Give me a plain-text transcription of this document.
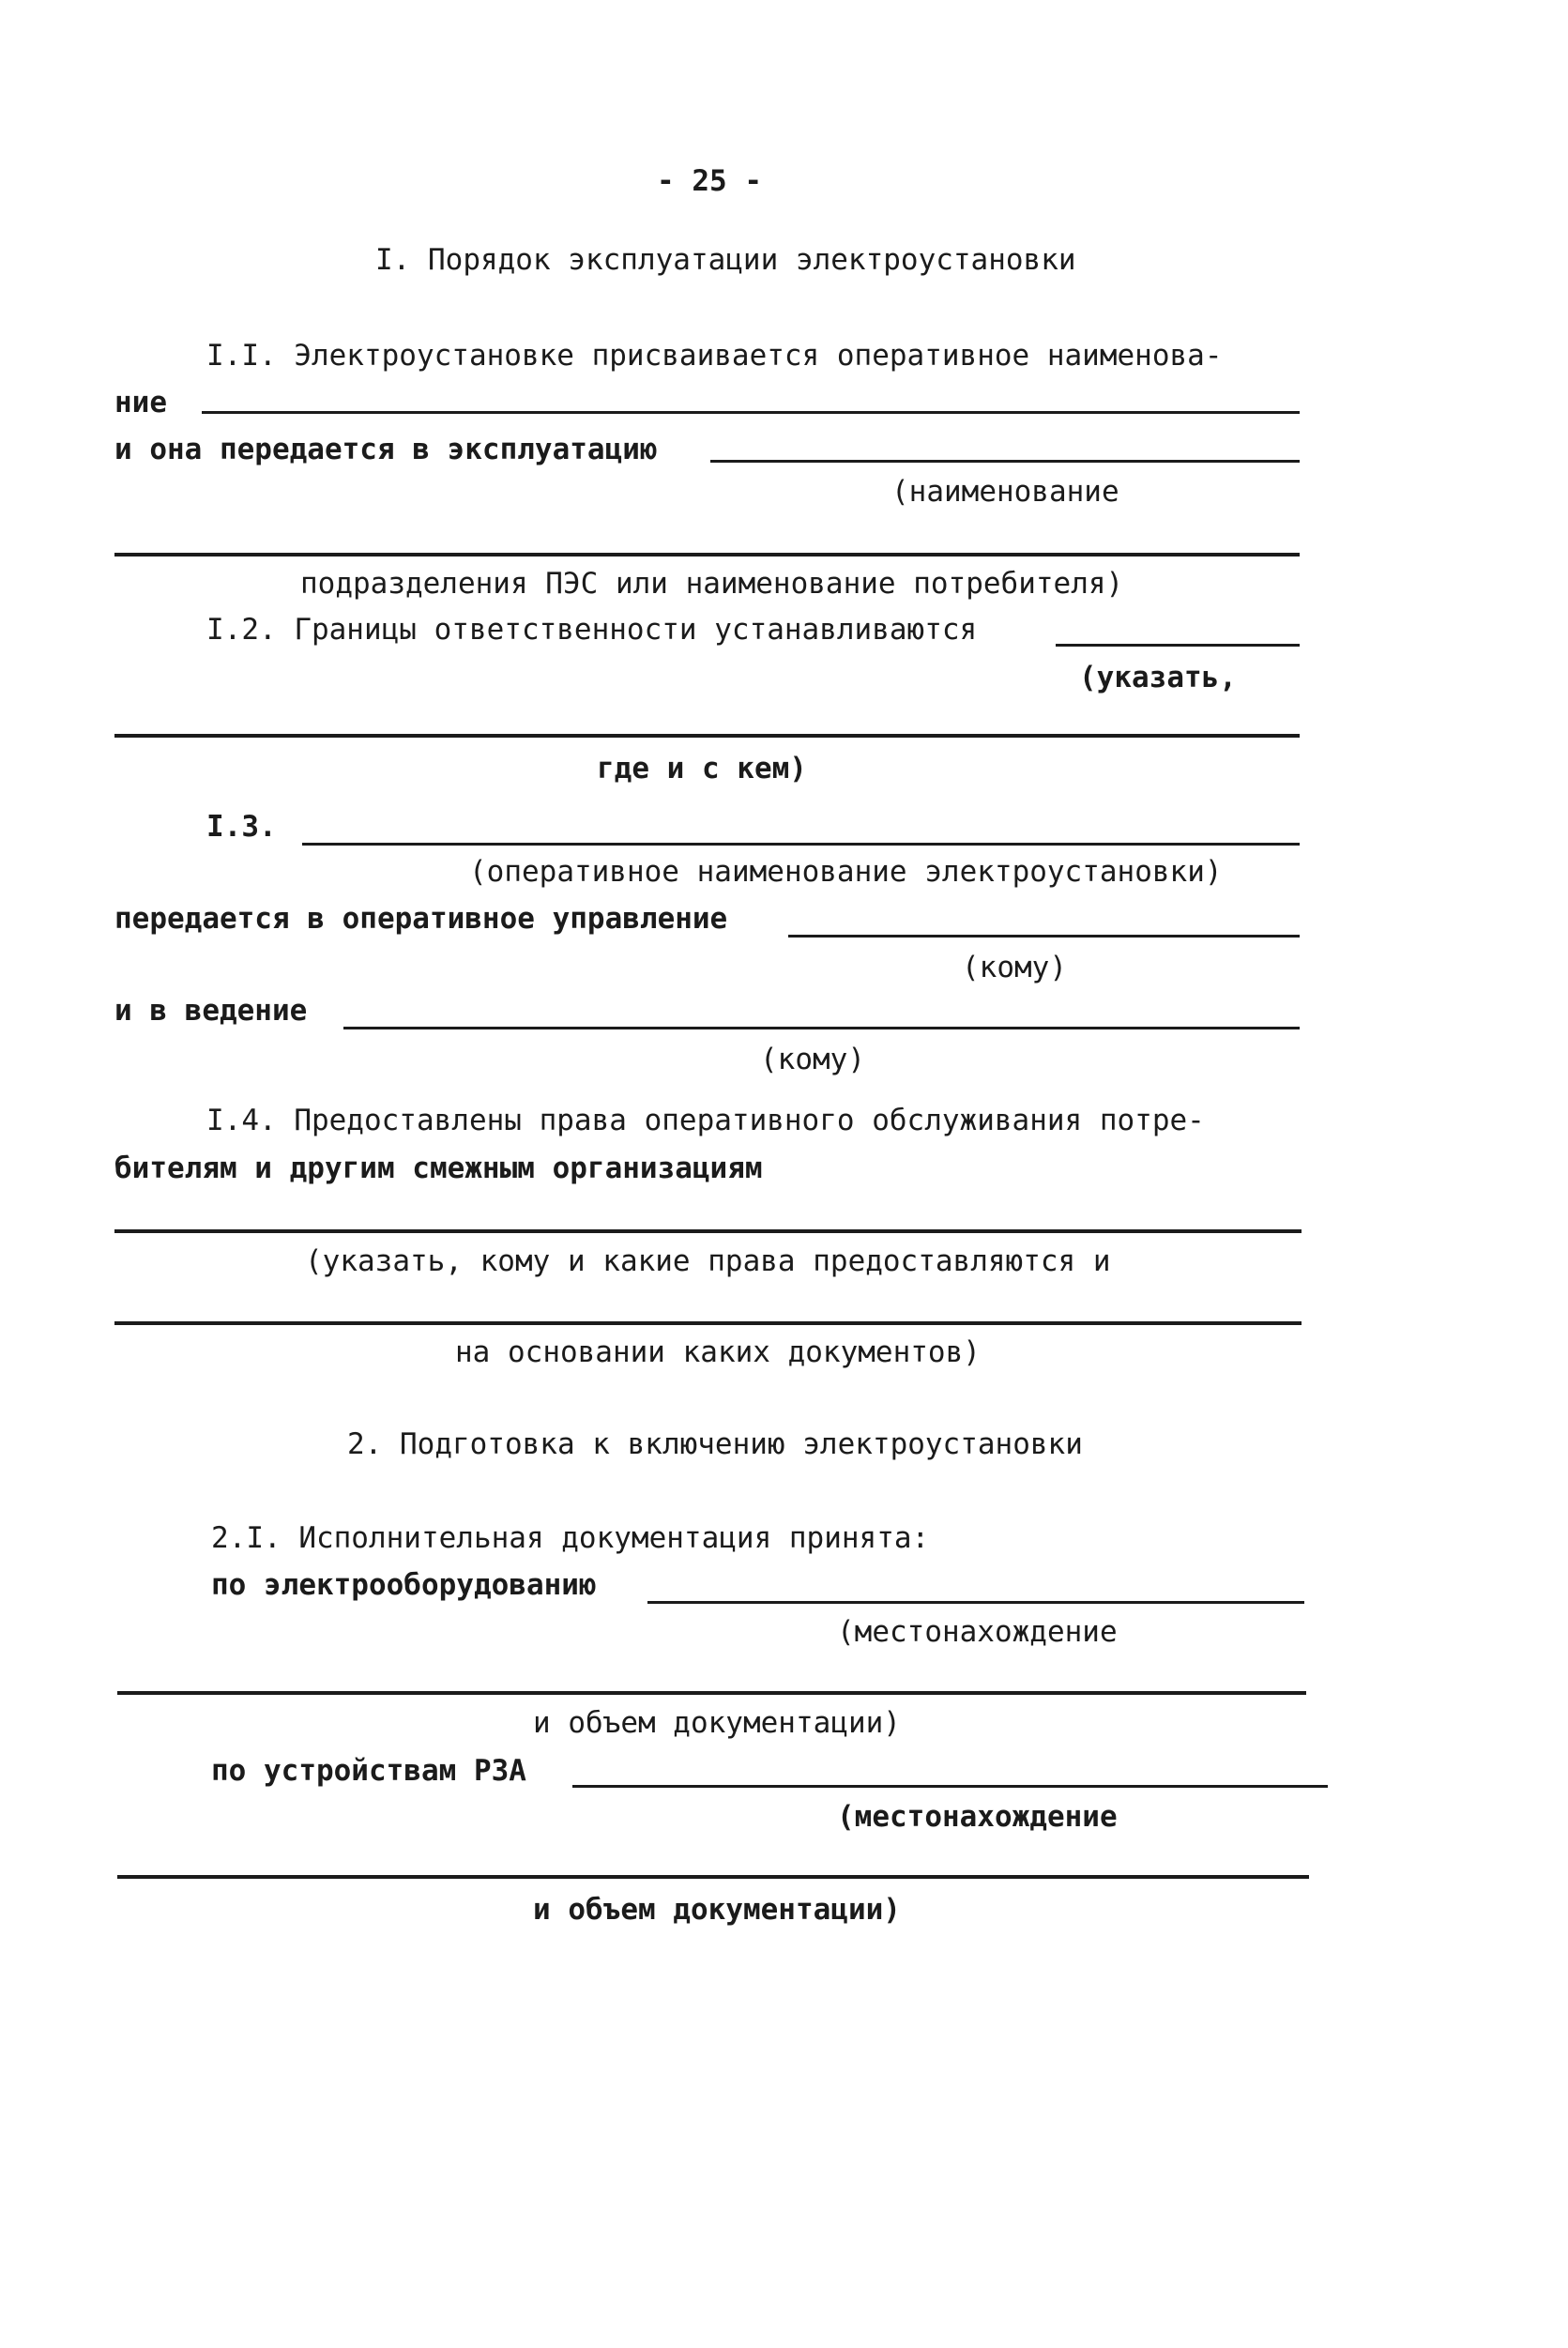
- 25 -
I. Порядок эксплуатации электроустановки
I.I. Электроустановке присваивается оперативное наименова-
ние
и она передается в эксплуатацию
(наименование
подразделения ПЭС или наименование потребителя)
I.2. Границы ответственности устанавливаются
(указать,
где и с кем)
I.3.
(оперативное наименование электроустановки)
передается в оперативное управление
(кому)
и в ведение
(кому)
I.4. Предоставлены права оперативного обслуживания потре-
бителям и другим смежным организациям
(указать, кому и какие права предоставляются и
на основании каких документов)
2. Подготовка к включению электроустановки
2.I. Исполнительная документация принята:
по электрооборудованию
(местонахождение
и объем документации)
по устройствам РЗА
(местонахождение
и объем документации)
